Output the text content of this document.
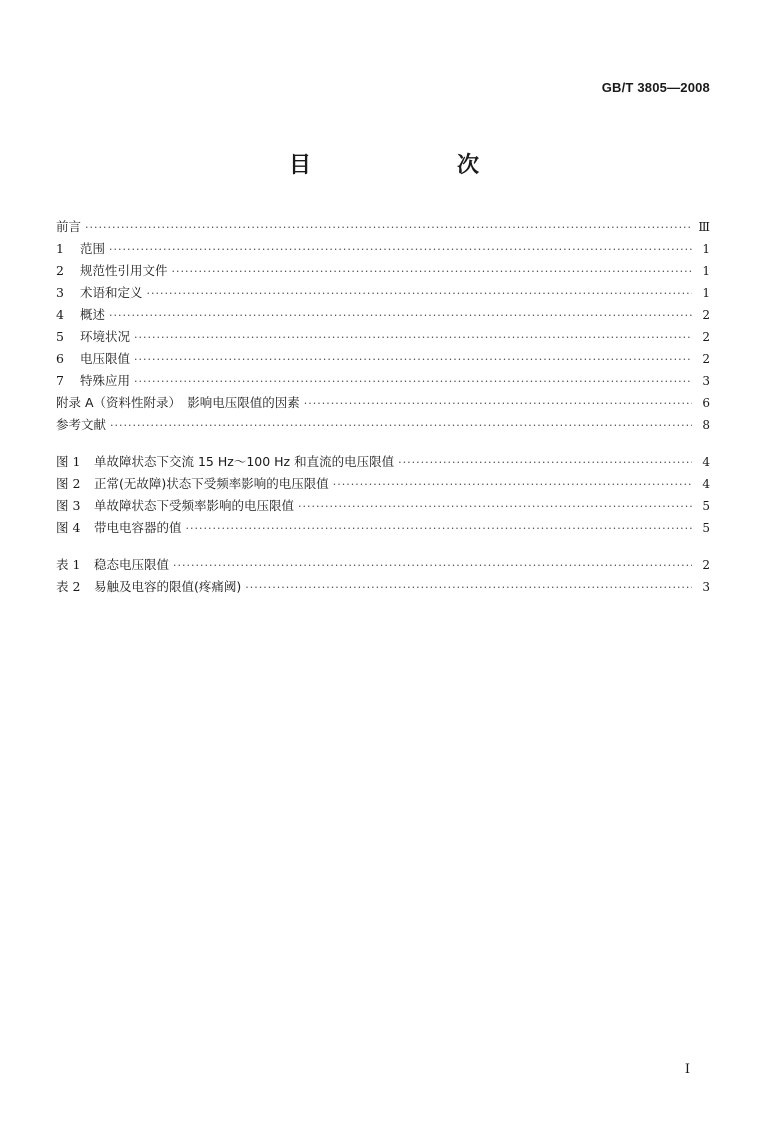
GB/T 3805—2008
目　　次
前言 ·····	Ⅲ
1	范围 ·····	1
2	规范性引用文件 ·····	1
3	术语和定义 ·····	1
4	概述 ·····	2
5	环境状况 ·····	2
6	电压限值 ·····	2
7	特殊应用 ·····	3
附录 A（资料性附录）　影响电压限值的因素 ·····	6
参考文献 ·····	8
图 1	单故障状态下交流 15 Hz～100 Hz 和直流的电压限值 ·····	4
图 2	正常(无故障)状态下受频率影响的电压限值 ·····	4
图 3	单故障状态下受频率影响的电压限值 ·····	5
图 4	带电电容器的值 ·····	5
表 1	稳态电压限值 ·····	2
表 2	易触及电容的限值(疼痛阈) ·····	3
I
